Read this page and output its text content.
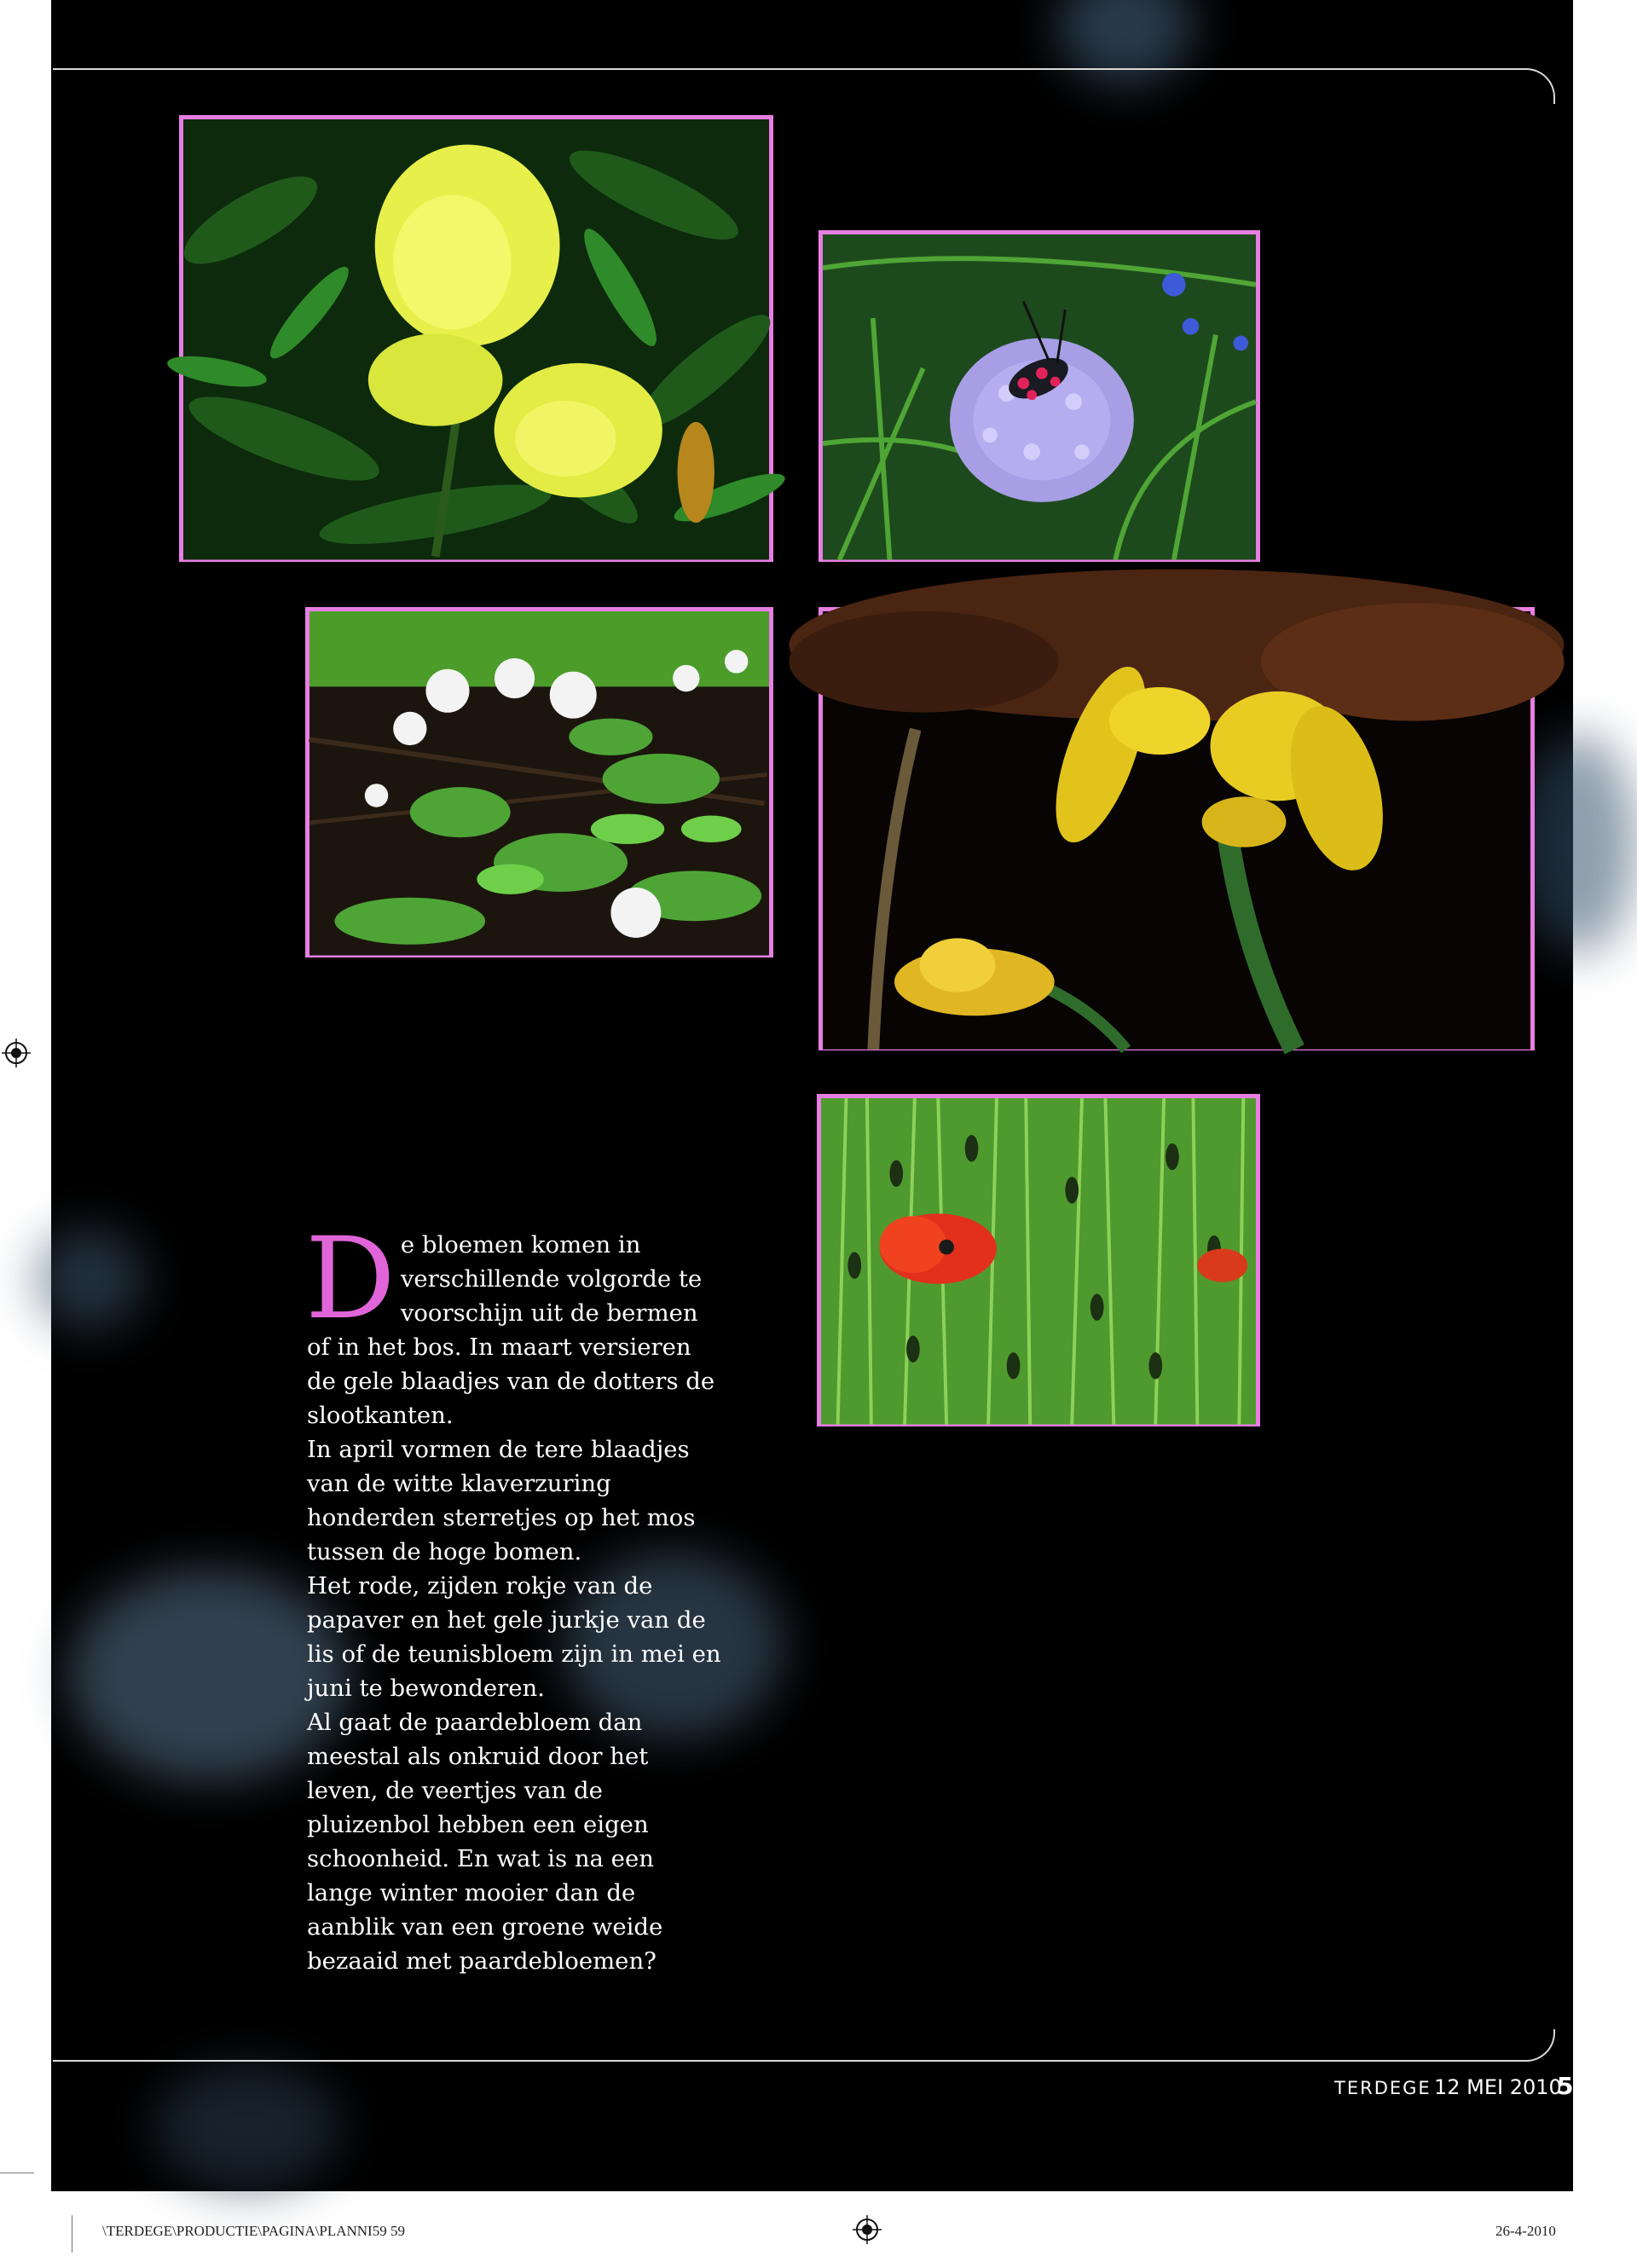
D e bloemen komen in verschillende volgorde te voorschijn uit de bermen of in het bos. In maart versieren de gele blaadjes van de dotters de slootkanten.

In april vormen de tere blaadjes van de witte klaverzuring honderden sterretjes op het mos tussen de hoge bomen.

Het rode, zijden rokje van de papaver en het gele jurkje van de lis of de teunisbloem zijn in mei en juni te bewonderen.

Al gaat de paardebloem dan meestal als onkruid door het leven, de veertjes van de pluizenbol hebben een eigen schoonheid. En wat is na een lange winter mooier dan de aanblik van een groene weide bezaaid met paardebloemen?

TERDEGE 12 MEI 2010
59
\TERDEGE\PRODUCTIE\PAGINA\PLANNI59 59	26-4-2010
